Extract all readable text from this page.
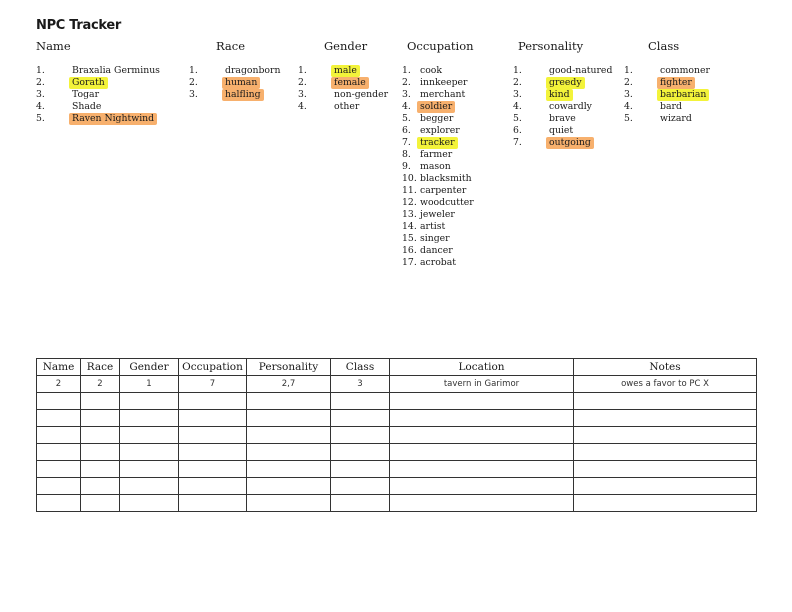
NPC Tracker
Name	Race	Gender	Occupation	Personality	Class
1.	Braxalia Germinus
2.	Gorath
3.	Togar
4.	Shade
5.	Raven Nightwind
1.	dragonborn
2.	human
3.	halfling
1.	male
2.	female
3.	non-gender
4.	other
1. cook
2. innkeeper
3. merchant
4. soldier
5. begger
6. explorer
7. tracker
8. farmer
9. mason
10. blacksmith
11. carpenter
12. woodcutter
13. jeweler
14. artist
15. singer
16. dancer
17. acrobat
1.	good-natured
2.	greedy
3.	kind
4.	cowardly
5.	brave
6.	quiet
7.	outgoing
1.	commoner
2.	fighter
3.	barbarian
4.	bard
5.	wizard
Name	Race	Gender	Occupation	Personality	Class	Location	Notes
2	2	1	7	2,7	3	tavern in Garimor	owes a favor to PC X
